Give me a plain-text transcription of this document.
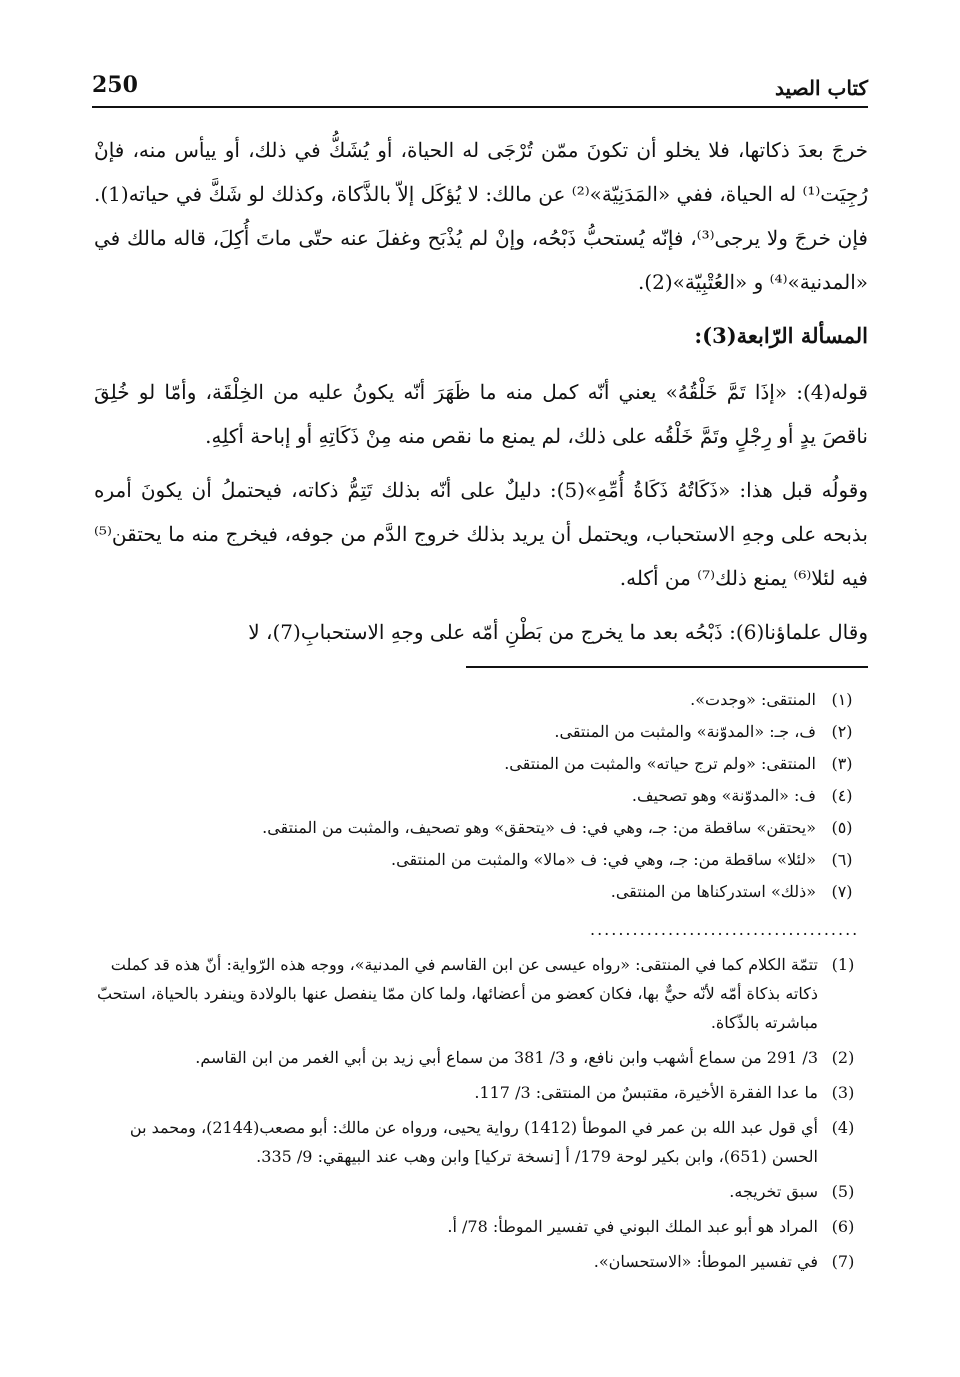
250	كتاب الصيد

خرجَ بعدَ ذكاتها، فلا يخلو أن تكونَ ممّن تُرْجَى له الحياة، أو يُشَكُّ في ذلك، أو ييأس منه، فإنْ رُجِيَت⁽¹⁾ له الحياة، ففي «المَدَنِيّة»⁽²⁾ عن مالك: لا يُؤكَل إلاّ بالذَّكاة، وكذلك لو شَكَّ في حياته(1). فإن خرجَ ولا يرجى⁽³⁾، فإنّه يُستحبُّ ذَبْحُه، وإنْ لم يُذْبَح وغفلَ عنه حتّى ماتَ أُكِلَ، قاله مالك في «المدنية»⁽⁴⁾ و «العُتْبِيّة»(2).

المسألة الرّابعة(3):

قوله(4): «إذَا تَمَّ خَلْقُهُ» يعني أنّه كمل منه ما ظَهَرَ أنّه يكونُ عليه من الخِلْقَة، وأمّا لو خُلِقَ ناقصَ يدٍ أو رِجْلٍ وتَمَّ خَلْقُه على ذلك، لم يمنع ما نقص منه مِنْ ذَكَاتِهِ أو إباحة أكلِهِ.

وقولُه قبل هذا: «ذَكَاتُهُ ذَكَاةُ أُمِّهِ»(5): دليلٌ على أنّه بذلك تَتِمُّ ذكاته، فيحتملُ أن يكونَ أمره بذبحه على وجهِ الاستحباب، ويحتمل أن يريد بذلك خروج الدَّم من جوفه، فيخرج منه ما يحتقن⁽⁵⁾ فيه لئلا⁽⁶⁾ يمنع ذلك⁽⁷⁾ من أكله.

وقال علماؤنا(6): ذَبْحُه بعد ما يخرج من بَطْنِ أمّه على وجهِ الاستحبابِ(7)، لا

(١)
المنتقى: «وجدت».
(٢)
ف، جـ: «المدوّنة» والمثبت من المنتقى.
(٣)
المنتقى: «ولم ترج حياته» والمثبت من المنتقى.
(٤)
ف: «المدوّنة» وهو تصحيف.
(٥)
«يحتقن» ساقطة من: جـ، وهي في: ف «يتحقق» وهو تصحيف، والمثبت من المنتقى.
(٦)
«لئلا» ساقطة من: جـ، وهي في: ف «مالا» والمثبت من المنتقى.
(٧)
«ذلك» استدركناها من المنتقى.
......................................
(1)
تتمّة الكلام كما في المنتقى: «رواه عيسى عن ابن القاسم في المدنية»، ووجه هذه الرّواية: أنّ هذه قد كملت ذكاته بذكاة أمّه لأنّه حيٌّ بها، فكان كعضو من أعضائها، ولما كان ممّا ينفصل عنها بالولادة وينفرد بالحياة، استحبّ مباشرته بالذّكاة.
(2)
3/ 291 من سماع أشهب وابن نافع، و 3/ 381 من سماع أبي زيد بن أبي الغمر من ابن القاسم.
(3)
ما عدا الفقرة الأخيرة، مقتبسٌ من المنتقى: 3/ 117.
(4)
أي قول عبد الله بن عمر في الموطأ (1412) رواية يحيى، ورواه عن مالك: أبو مصعب(2144)، ومحمد بن الحسن (651)، وابن بكير لوحة 179/ أ [نسخة تركيا] وابن وهب عند البيهقي: 9/ 335.
(5)
سبق تخريجه.
(6)
المراد هو أبو عبد الملك البوني في تفسير الموطأ: 78/ أ.
(7)
في تفسير الموطأ: «الاستحسان».
